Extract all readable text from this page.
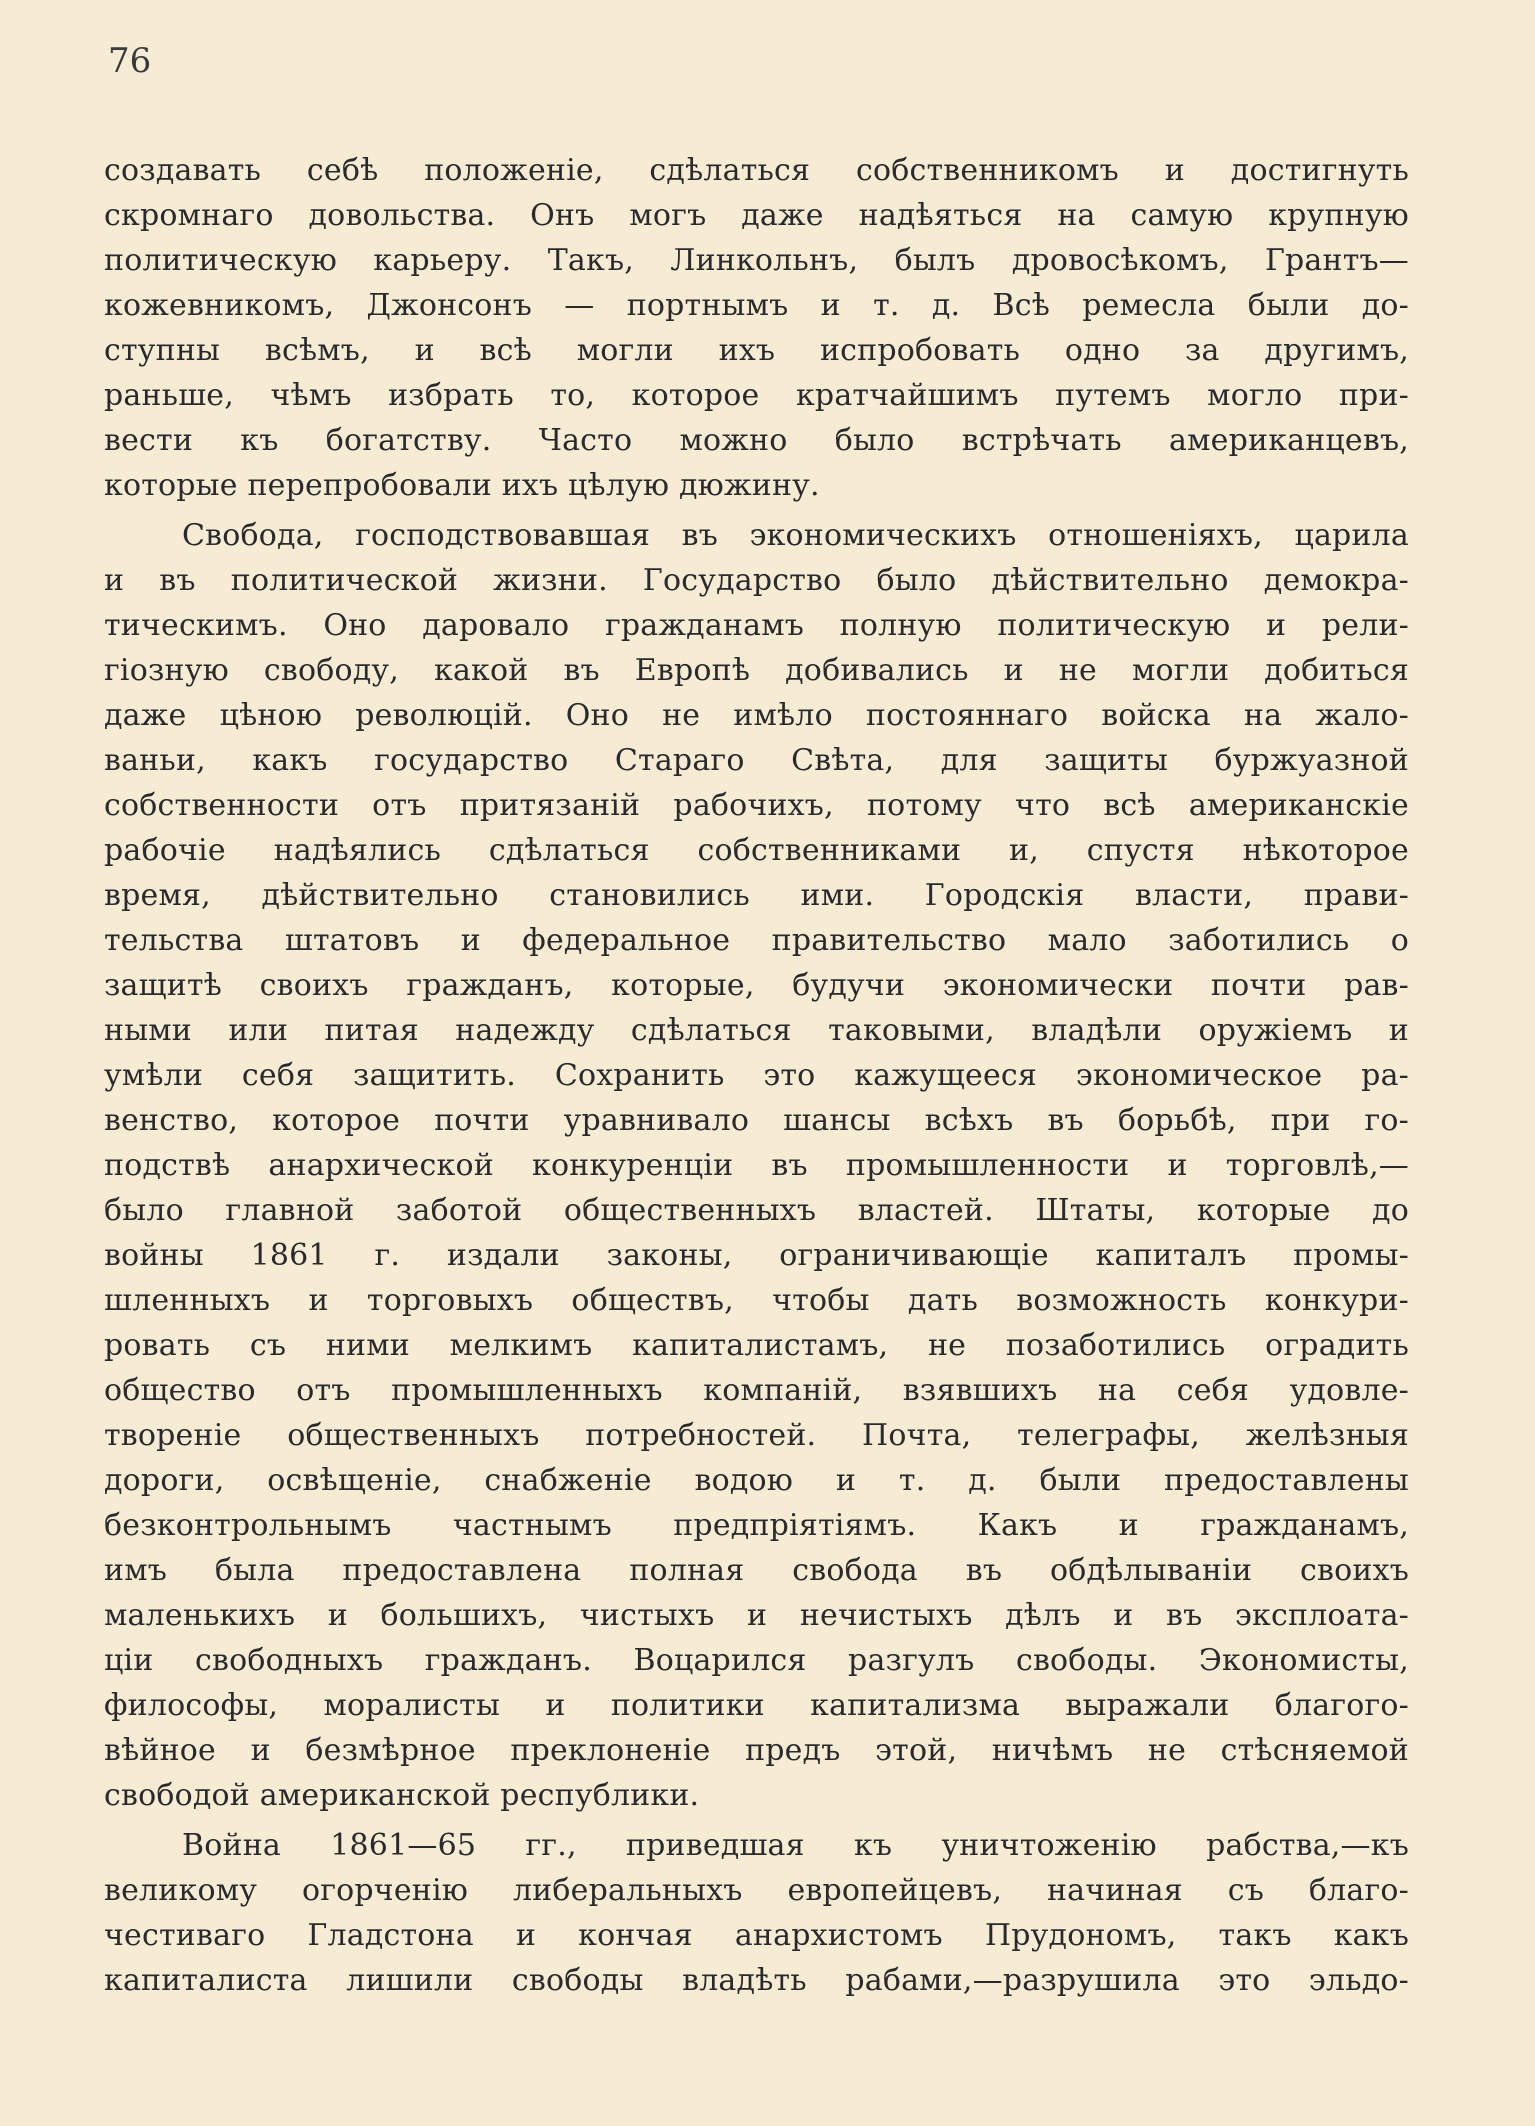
76
создавать себѣ положеніе, сдѣлаться собственникомъ и достигнуть
скромнаго довольства. Онъ могъ даже надѣяться на самую крупную
политическую карьеру. Такъ, Линкольнъ, былъ дровосѣкомъ, Грантъ—
кожевникомъ, Джонсонъ — портнымъ и т. д. Всѣ ремесла были до-
ступны всѣмъ, и всѣ могли ихъ испробовать одно за другимъ,
раньше, чѣмъ избрать то, которое кратчайшимъ путемъ могло при-
вести къ богатству. Часто можно было встрѣчать американцевъ,
которые перепробовали ихъ цѣлую дюжину.
Свобода, господствовавшая въ экономическихъ отношеніяхъ, царила
и въ политической жизни. Государство было дѣйствительно демокра-
тическимъ. Оно даровало гражданамъ полную политическую и рели-
гіозную свободу, какой въ Европѣ добивались и не могли добиться
даже цѣною революцій. Оно не имѣло постояннаго войска на жало-
ваньи, какъ государство Стараго Свѣта, для защиты буржуазной
собственности отъ притязаній рабочихъ, потому что всѣ американскіе
рабочіе надѣялись сдѣлаться собственниками и, спустя нѣкоторое
время, дѣйствительно становились ими. Городскія власти, прави-
тельства штатовъ и федеральное правительство мало заботились о
защитѣ своихъ гражданъ, которые, будучи экономически почти рав-
ными или питая надежду сдѣлаться таковыми, владѣли оружіемъ и
умѣли себя защитить. Сохранить это кажущееся экономическое ра-
венство, которое почти уравнивало шансы всѣхъ въ борьбѣ, при го-
подствѣ анархической конкуренціи въ промышленности и торговлѣ,—
было главной заботой общественныхъ властей. Штаты, которые до
войны 1861 г. издали законы, ограничивающіе капиталъ промы-
шленныхъ и торговыхъ обществъ, чтобы дать возможность конкури-
ровать съ ними мелкимъ капиталистамъ, не позаботились оградить
общество отъ промышленныхъ компаній, взявшихъ на себя удовле-
твореніе общественныхъ потребностей. Почта, телеграфы, желѣзныя
дороги, освѣщеніе, снабженіе водою и т. д. были предоставлены
безконтрольнымъ частнымъ предпріятіямъ. Какъ и гражданамъ,
имъ была предоставлена полная свобода въ обдѣлываніи своихъ
маленькихъ и большихъ, чистыхъ и нечистыхъ дѣлъ и въ эксплоата-
ціи свободныхъ гражданъ. Воцарился разгулъ свободы. Экономисты,
философы, моралисты и политики капитализма выражали благого-
вѣйное и безмѣрное преклоненіе предъ этой, ничѣмъ не стѣсняемой
свободой американской республики.
Война 1861—65 гг., приведшая къ уничтоженію рабства,—къ
великому огорченію либеральныхъ европейцевъ, начиная съ благо-
честиваго Гладстона и кончая анархистомъ Прудономъ, такъ какъ
капиталиста лишили свободы владѣть рабами,—разрушила это эльдо-
